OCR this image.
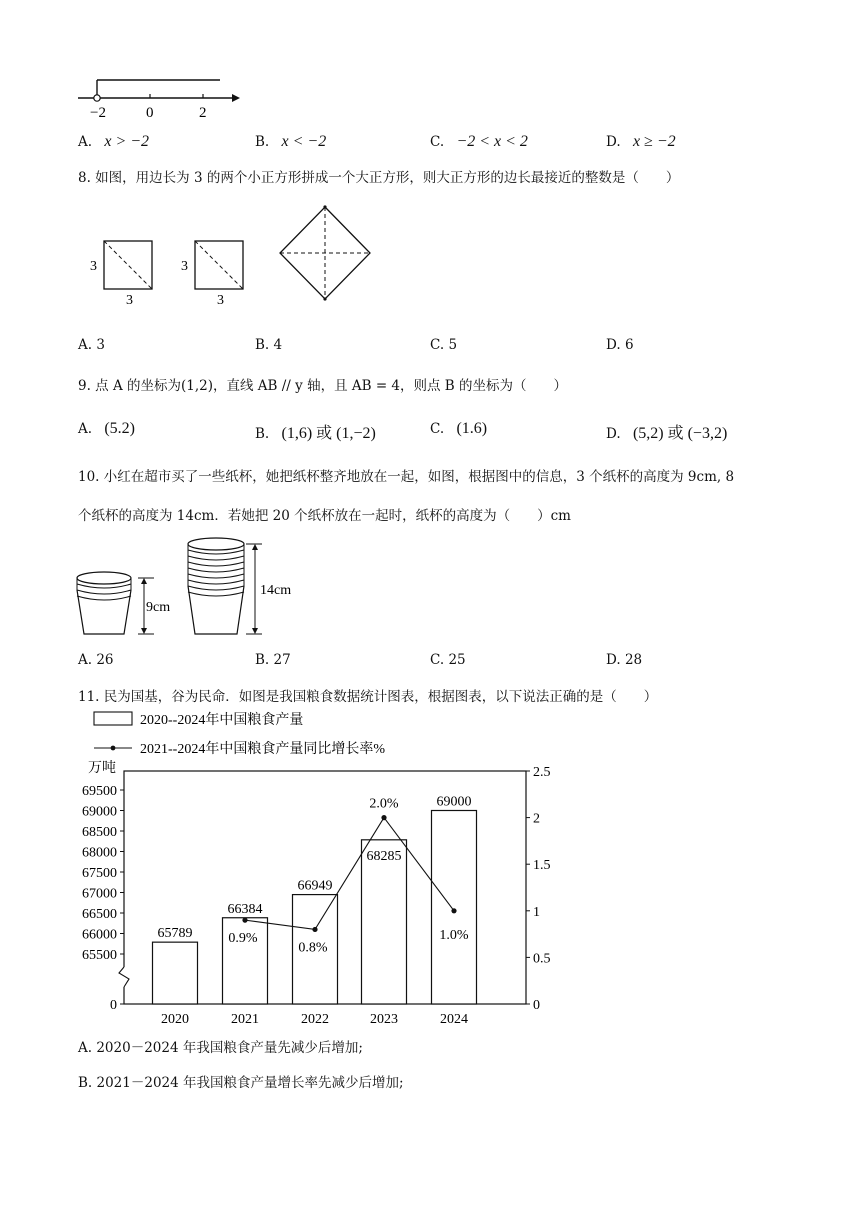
−2	0	2
A. x > −2	B. x < −2	C. −2 < x < 2	D. x ≥ −2
8. 如图，用边长为 3 的两个小正方形拼成一个大正方形，则大正方形的边长最接近的整数是（　　）
3
3
3
3
A. 3	B. 4	C. 5	D. 6
9. 点 A 的坐标为(1,2)，直线 AB // y 轴，且 AB = 4，则点 B 的坐标为（　　）
A. (5.2)	B. (1,6) 或 (1,−2)	C. (1.6)	D. (5,2) 或 (−3,2)
10. 小红在超市买了一些纸杯，她把纸杯整齐地放在一起，如图，根据图中的信息，3 个纸杯的高度为 9cm, 8
个纸杯的高度为 14cm．若她把 20 个纸杯放在一起时，纸杯的高度为（　　）cm
9cm
14cm
A. 26	B. 27	C. 25	D. 28
11. 民为国基，谷为民命．如图是我国粮食数据统计图表，根据图表，以下说法正确的是（　　）
2020--2024年中国粮食产量
2021--2024年中国粮食产量同比增长率%
万吨
0
65500
66000
66500
67000
67500
68000
68500
69000
69500
0
0.5
1
1.5
2
2.5
65789
66384
66949
68285
69000
0.9%
0.8%
2.0%
1.0%
2020	2021	2022	2023	2024
A. 2020－2024 年我国粮食产量先减少后增加;
B. 2021－2024 年我国粮食产量增长率先减少后增加;
